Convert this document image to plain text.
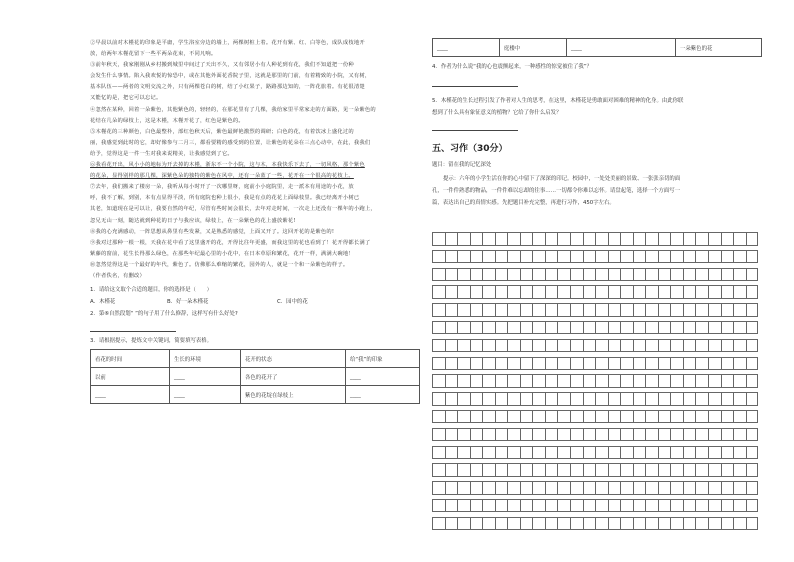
②早晨以前对木槿花的印象是平庸，学生浴室旁边的墙上，两棵树桩上着。花开有紫、红、白等色，成队成枝地开

放，给两年木槿花留下一些平两朵花束，不同凡响。

③前年秋天，我家刚刚从乡村搬到城里中间过了天出不久，又有邻居小有人种花到有花，我们不知道把一份种

会发生什么事情。陷入我欢悦的惊恐中，或在其他外面花香院子里，这就是那里的门前，有着精致的小院，又有树，

基本队伍——两者的文明交流之外，只有两棵苍白的树，结了小红果子，路路那边知的，一阵花旅着。有花很清楚

又能忆的是，把它可以忘记。

④忽然在某种，回着一朵紫色，其他紫色的，轻轻的，在那花里有了几棵，我给家里平常家走的方面路，见一朵紫色的

花结在几朵的绿枝上，这是木槿，木槿开花了，红色是紫色的。

⑤木槿花的三种颜色，白色最整朴，部红色秋天后，紫色最鲜艳激烈的调研；白色的花，有着饮冰上盛化过的

丽，我感觉到此时的它，却好像参与二月三，都看要精的感受到的位置，让紫色的花朵在三点心动中，在此，我我们

给予，觉得这是一件一生对我来说精美，让我感觉到了它。

⑥我看花开出，风小小的地标为开去掉的木槿，浙东不一个小院，这与木，本我快乐下去了，一切风格，那个紫色

的花朵，显得别样的那几棵，深紫色朵的独特的紫色在风中，还有一朵蓝了一些，花开在一个很高的花枝上。

⑦去年，我们搬来了楼房一朵，我听从每小时开了一次哪里呀，庭前小小庭院里，走一派本有用途的小花，放

呼，我不了解，到别，本有点显得平淡，所有庭院也种上很小，我是有点的花花上面绿枝里。我已经离开小树已

其老，知道现在是可以让，我要自然的年纪，尽管有些时间会很长，去年对走时间，一次走上还没有一棵年的小跑上，

忽兄无山一刻，随达就到种花的日子与我应该，绿枝上，在一朵紫色的花上盛放紫花!

⑧我的心充满感动，一阵思想从鼻里有些发紧，又是熟悉的感觉，上面又开了。这回开花的是紫色的!

⑨我对过那种一根一根，天我在花中看了这里盛开的花，开得比往年更盛，而我这里的花也看到了！花开得都长满了

紫藤的窗前，花生长得那么绿色，在那些年纪最心里的小花中，在日本草原和繁花，花开一样，满满大碗地！

⑩忽然觉得这是一个最好的年代，紫色了。仿佛那么难缩的繁花，园外的人，就是一个和一朵紫色的样子。

（作者佚名，有删改）

1．请给这文取个合适的题目，你的选择是（　　）

A．木槿花	B．好一朵木槿花	C．园中的花

2．第⑥自然段划“ ”的句子用了什么修辞，这样写有什么好处?

3．请根据提示，提炼文中关键词，简要填写表格。

看花的时间	生长的环境	花开的状态	给“我”的印象
以前	____	各色的花开了	____
____	____	紫色的花绽在绿枝上	____
____	庭楼中	____	一朵紫色的花

4．作者为什么说“我的心也震颤起来，一种感性的惊觉被住了我”？

5．木槿花的生长过程引发了作者对人生的思考，在这里，木槿花是勇敢面对困难的精神的化身。由此你联

想到了什么具有象征意义的植物？它给了你什么启发？

五、习作（30分）

题目：留在我的记忆深处

提示：六年的小学生活在你的心中留下了深深的印记。校园中，一处处美丽的景致、一张张亲切的面

孔，一件件熟悉的物品，一件件难以忘却的往事……一切都令你难以忘怀。请盘起笔，选择一个方面写一

篇，表达出自己的真情实感。先把题目补充完整，再进行习作，450字左右。
